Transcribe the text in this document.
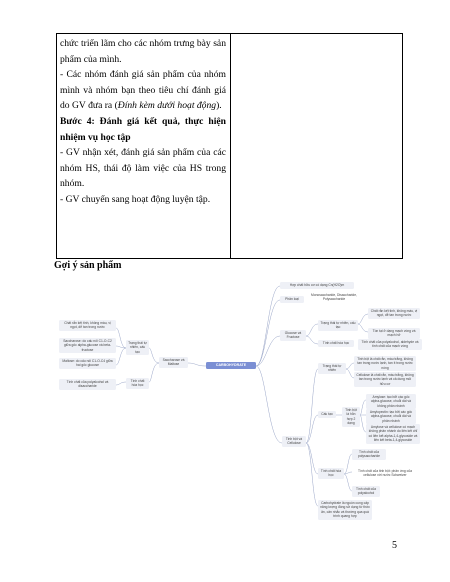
chức triển lãm cho các nhóm trưng bày sản phẩm của mình.

- Các nhóm đánh giá sản phẩm của nhóm mình và nhóm bạn theo tiêu chí đánh giá do GV đưa ra (Đính kèm dưới hoạt động).

Bước 4: Đánh giá kết quả, thực hiện nhiệm vụ học tập

- GV nhận xét, đánh giá sản phẩm của các nhóm HS, thái độ làm việc của HS trong nhóm.

- GV chuyển sang hoạt động luyện tập.

Gợi ý sản phẩm
CARBOHYDRATE
Hợp chất hữu cơ có dạng Cn(H2O)m
Phân loại
Monosaccharide, Disaccharide, Polysaccharide
Glucose và Fructose
Trạng thái tự nhiên, cấu tạo
Chất rắn kết tinh, không màu, vị ngọt, dễ tan trong nước
Tồn tại ở dạng mạch vòng và mạch hở
Tính chất hóa học	Tính chất của polyalcohol, aldehyde và tính chất của mạch vòng
Saccharose và Maltose
Trạng thái tự nhiên, cấu tạo
Tính chất hóa học
Chất rắn kết tinh, không màu, vị ngọt, dễ tan trong nước
Saccharose: do cấu nối C1-O-C2 giữa gốc alpha-glucose và beta-fructose
Maltose: do cấu nối C1-O-C4 giữa hai gốc glucose
Tính chất của polyalcohol và disaccharide
Tinh bột và Cellulose
Trạng thái tự nhiên
Tinh bột là chất rắn, màu trắng, không tan trong nước lạnh, tan ít trong nước nóng
Cellulose là chất rắn, màu trắng, không tan trong nước lạnh và cả dung môi hữu cơ
Cấu tạo
Tinh bột là hỗn hợp 2 dạng
Amylose: tạo bởi các gốc alpha-glucose, chuỗi dài và không phân nhánh
Amylopectin: tạo bởi các gốc alpha-glucose, chuỗi dài và phân nhánh
Amylose và cellulose có mạch không phân nhánh do liên kết chỉ có liên kết alpha-1,4-glycoside và liên kết beta-1,4-glycoside
Tính chất hóa học
Tính chất của polysaccharide
Tính chất của tinh bột: phản ứng của cellulose với nước Schweizer
Tính chất của polyalcohol
Carbohydrate là nguồn cung cấp năng lượng đồng sử dụng từ thức ăn, cân nhắc và thường qua quá trình quang hợp
5
